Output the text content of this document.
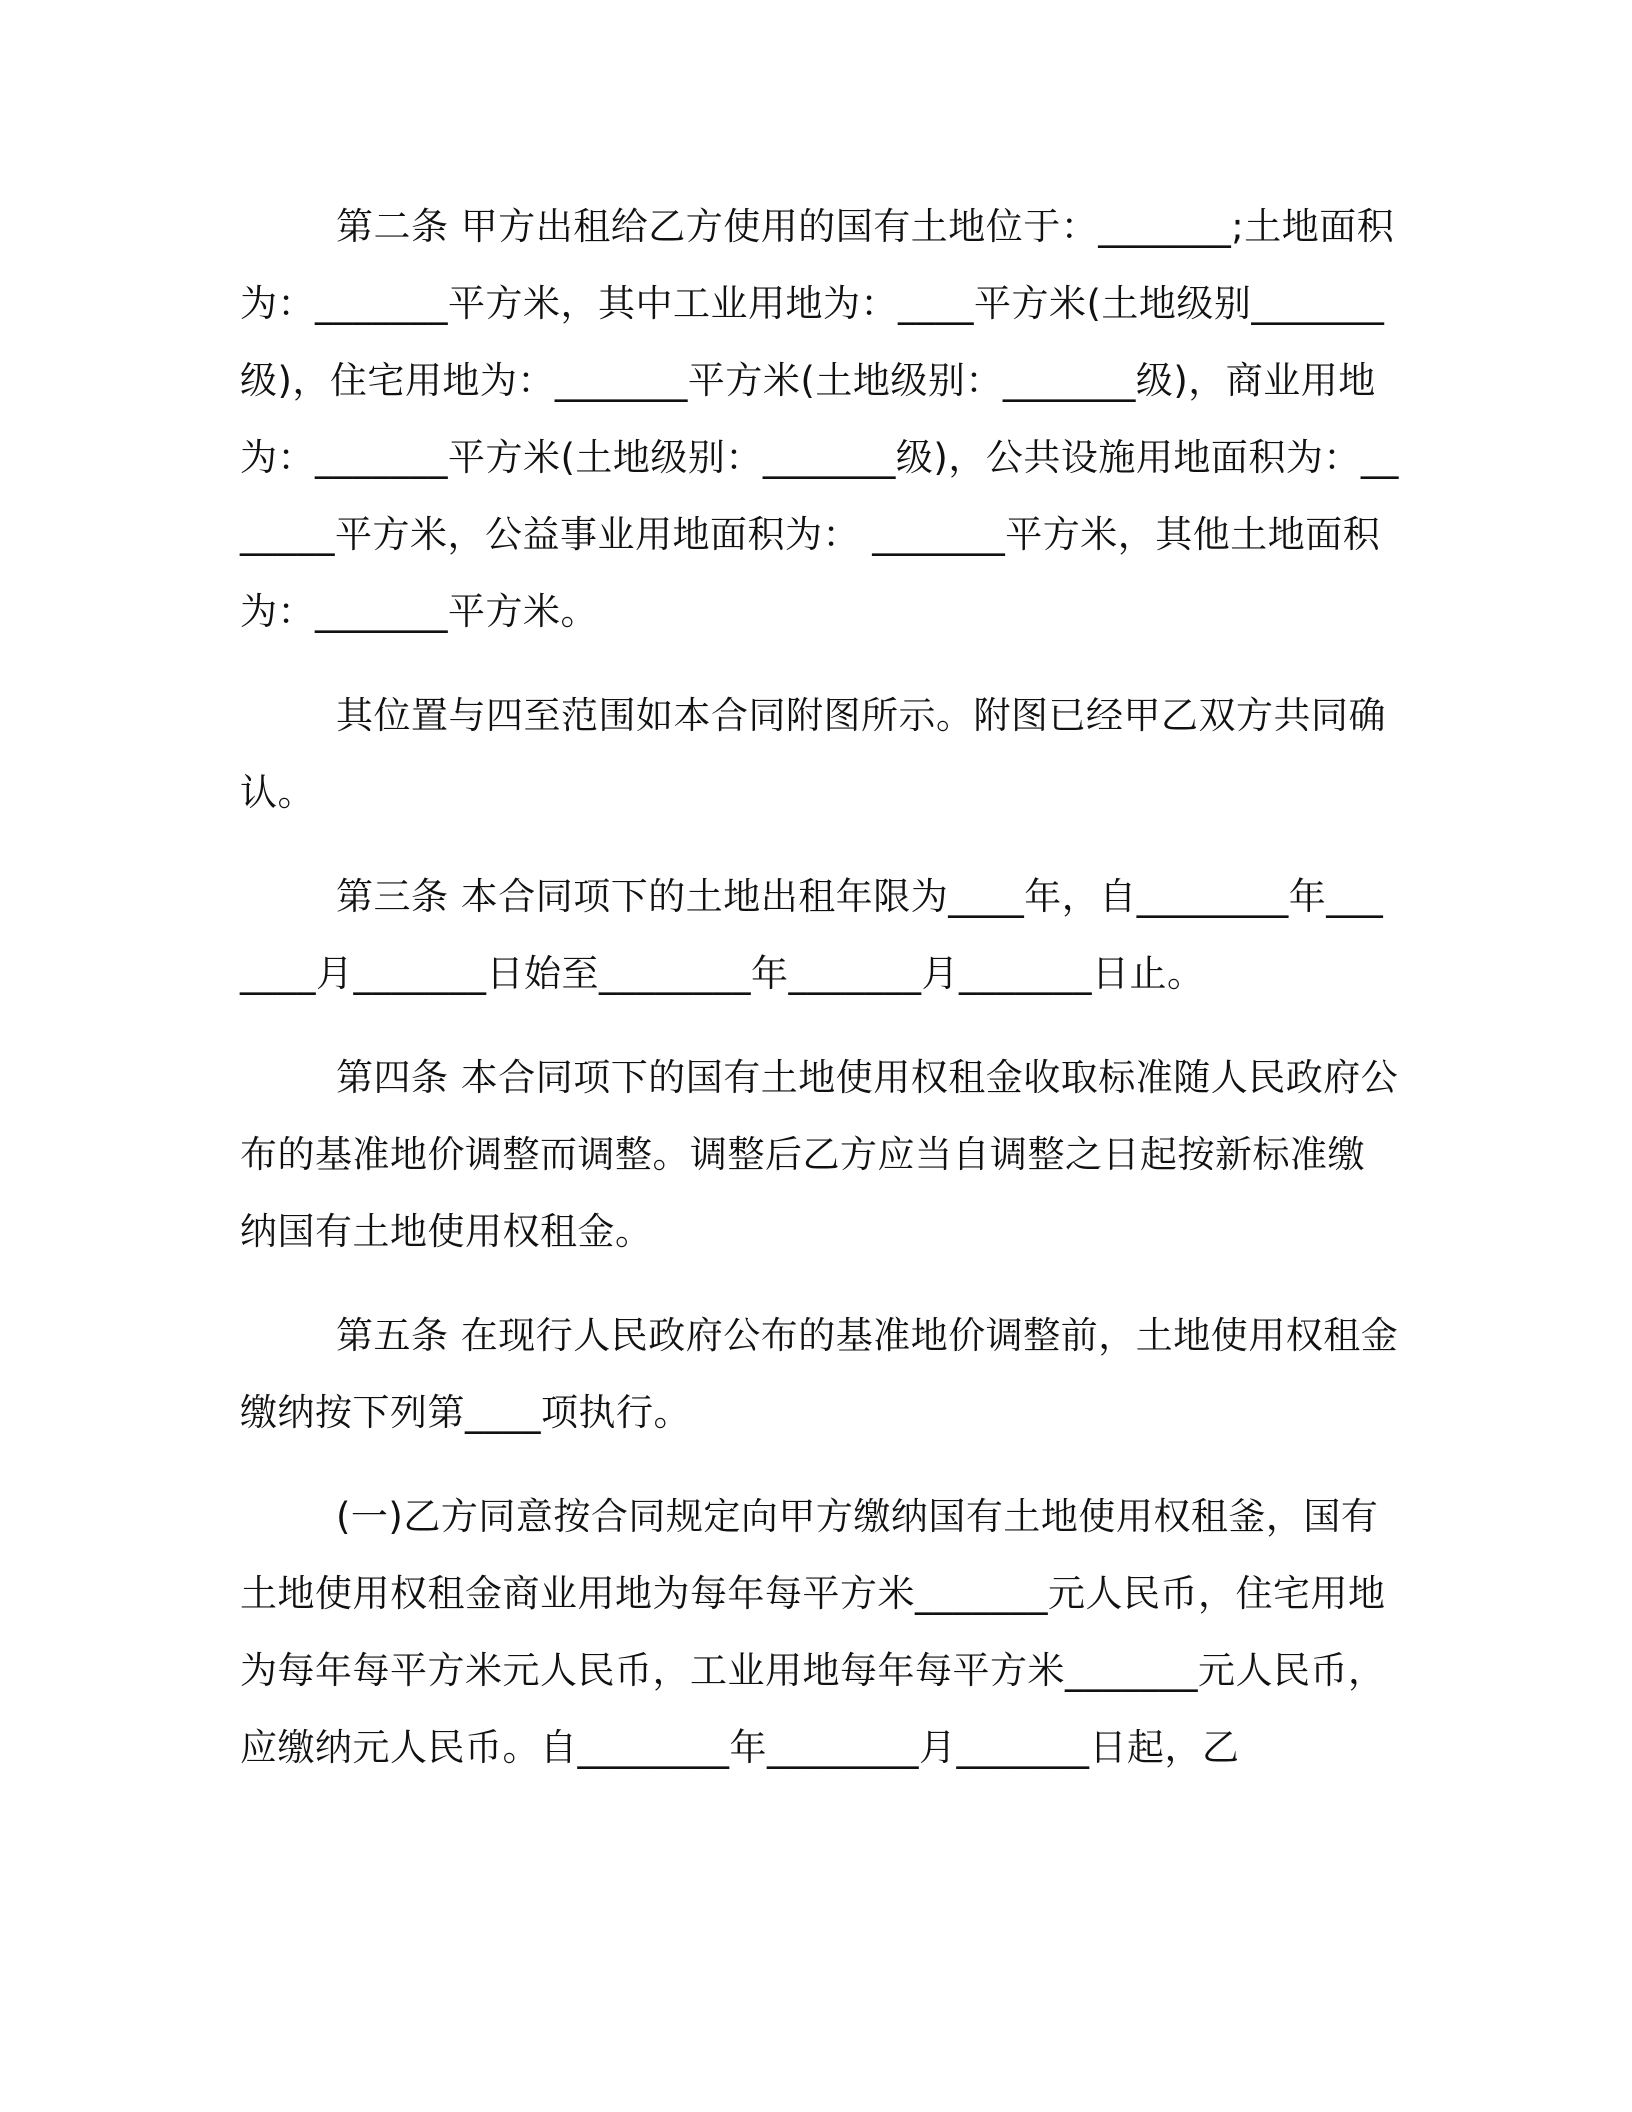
第二条 甲方出租给乙方使用的国有土地位于：_______;土地面积为：_______平方米，其中工业用地为：____平方米(土地级别_______级)，住宅用地为：_______平方米(土地级别：_______级)，商业用地为：_______平方米(土地级别：_______级)，公共设施用地面积为：_______平方米，公益事业用地面积为： _______平方米，其他土地面积为：_______平方米。

其位置与四至范围如本合同附图所示。附图已经甲乙双方共同确认。

第三条 本合同项下的土地出租年限为____年，自________年_______月_______日始至________年_______月_______日止。

第四条 本合同项下的国有土地使用权租金收取标准随人民政府公布的基准地价调整而调整。调整后乙方应当自调整之日起按新标准缴纳国有土地使用权租金。

第五条 在现行人民政府公布的基准地价调整前，土地使用权租金缴纳按下列第____项执行。

(一)乙方同意按合同规定向甲方缴纳国有土地使用权租釜，国有土地使用权租金商业用地为每年每平方米_______元人民币，住宅用地为每年每平方米元人民币，工业用地每年每平方米_______元人民币，应缴纳元人民币。自________年________月_______日起，乙
